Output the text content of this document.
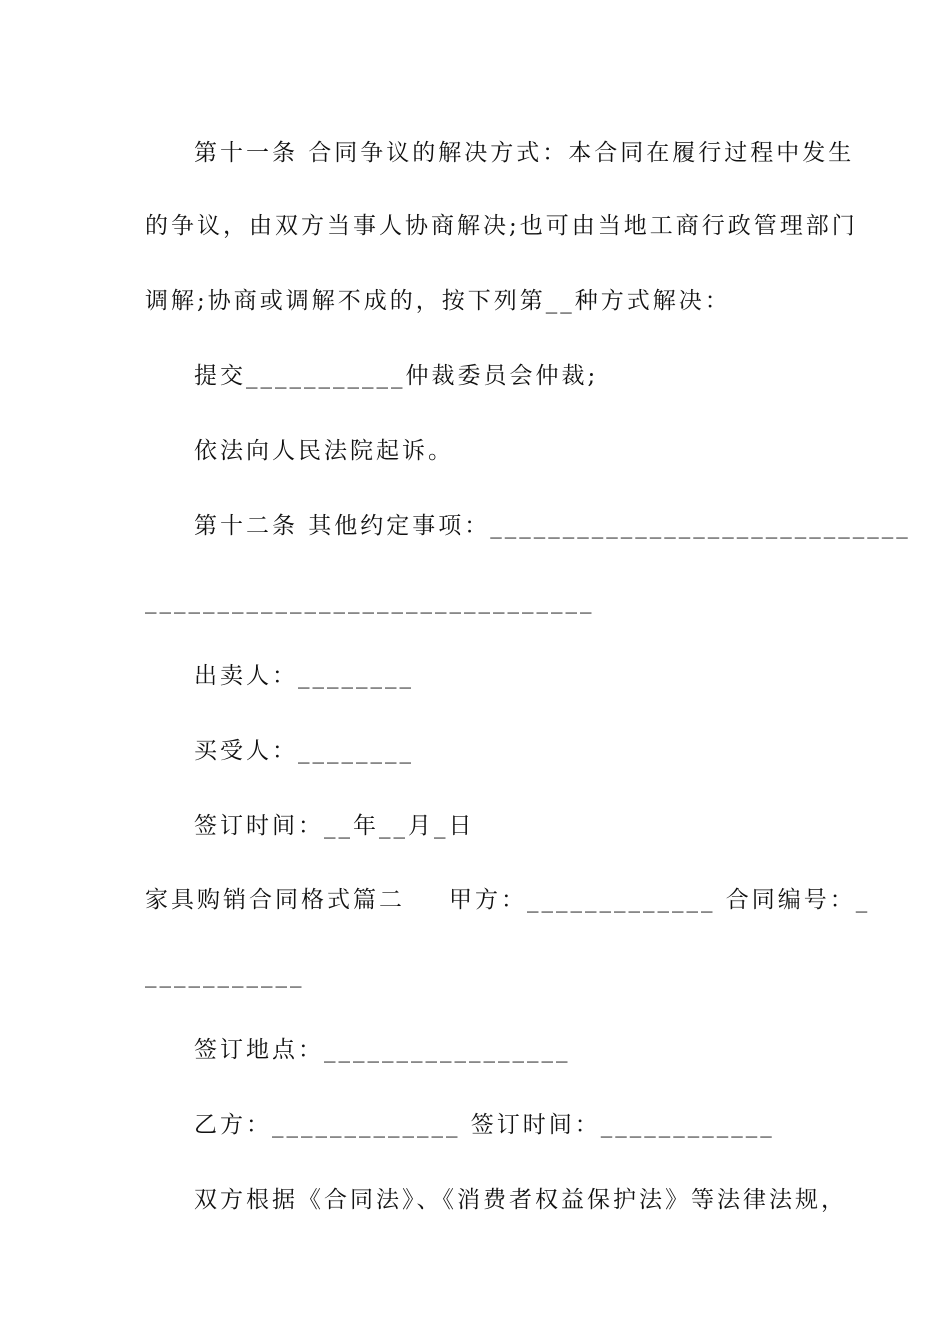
第十一条 合同争议的解决方式：本合同在履行过程中发生
的争议，由双方当事人协商解决;也可由当地工商行政管理部门
调解;协商或调解不成的，按下列第__种方式解决：
提交___________仲裁委员会仲裁;
依法向人民法院起诉。
第十二条 其他约定事项：_____________________________
_______________________________
出卖人：________
买受人：________
签订时间：__年__月_日
家具购销合同格式篇二 甲方：_____________ 合同编号：_
___________
签订地点：_________________
乙方：_____________ 签订时间：____________
双方根据《合同法》、《消费者权益保护法》等法律法规，
